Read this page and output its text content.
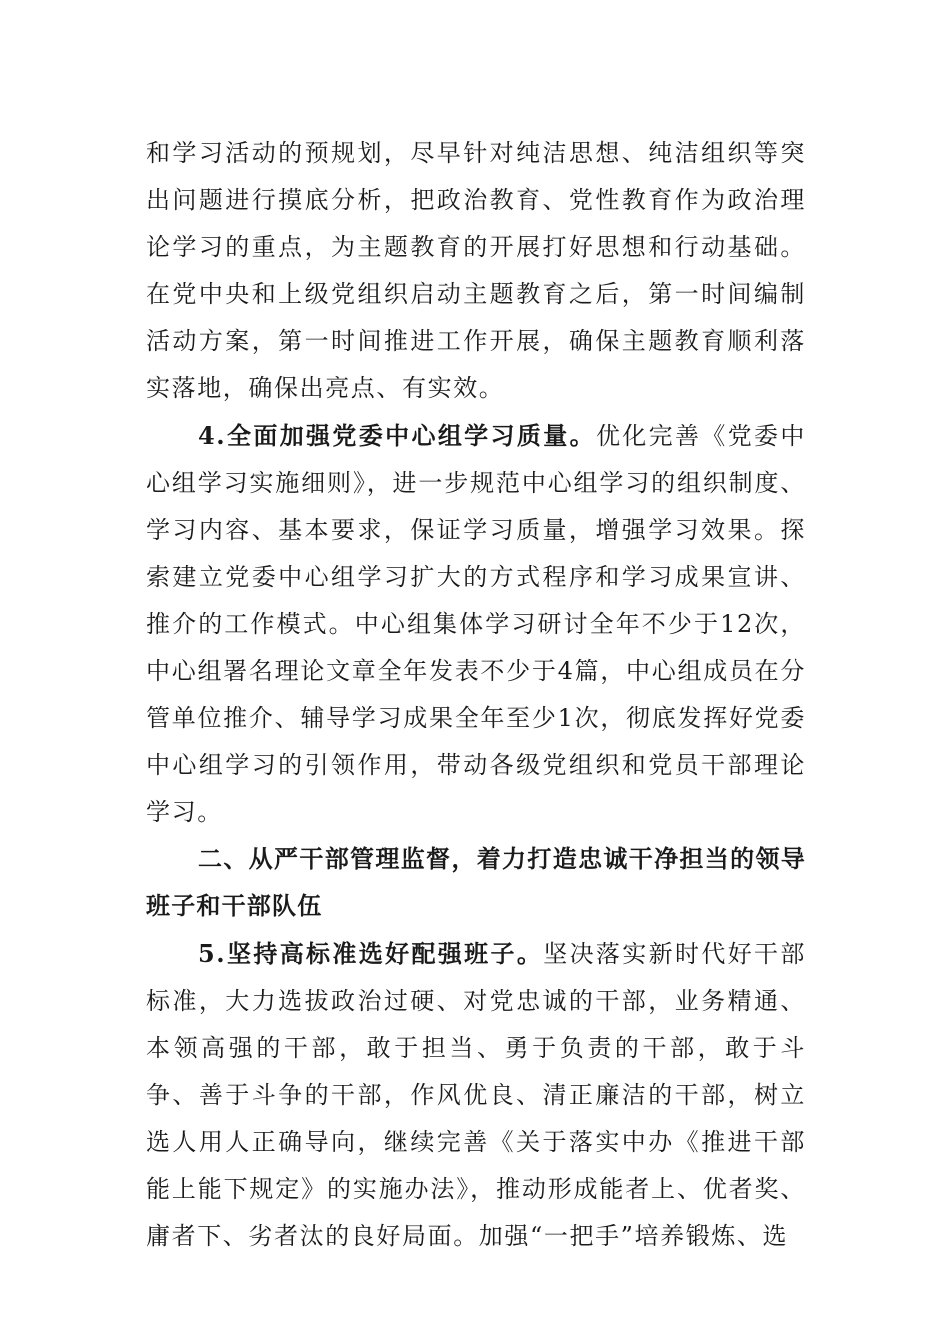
和学习活动的预规划，尽早针对纯洁思想、纯洁组织等突出问题进行摸底分析，把政治教育、党性教育作为政治理论学习的重点，为主题教育的开展打好思想和行动基础。在党中央和上级党组织启动主题教育之后，第一时间编制活动方案，第一时间推进工作开展，确保主题教育顺利落实落地，确保出亮点、有实效。

4.全面加强党委中心组学习质量。优化完善《党委中心组学习实施细则》，进一步规范中心组学习的组织制度、学习内容、基本要求，保证学习质量，增强学习效果。探索建立党委中心组学习扩大的方式程序和学习成果宣讲、推介的工作模式。中心组集体学习研讨全年不少于12次，中心组署名理论文章全年发表不少于4篇，中心组成员在分管单位推介、辅导学习成果全年至少1次，彻底发挥好党委中心组学习的引领作用，带动各级党组织和党员干部理论学习。

二、从严干部管理监督，着力打造忠诚干净担当的领导班子和干部队伍

5.坚持高标准选好配强班子。坚决落实新时代好干部标准，大力选拔政治过硬、对党忠诚的干部，业务精通、本领高强的干部，敢于担当、勇于负责的干部，敢于斗争、善于斗争的干部，作风优良、清正廉洁的干部，树立选人用人正确导向，继续完善《关于落实中办《推进干部能上能下规定》的实施办法》，推动形成能者上、优者奖、庸者下、劣者汰的良好局面。加强“一把手”培养锻炼、选
